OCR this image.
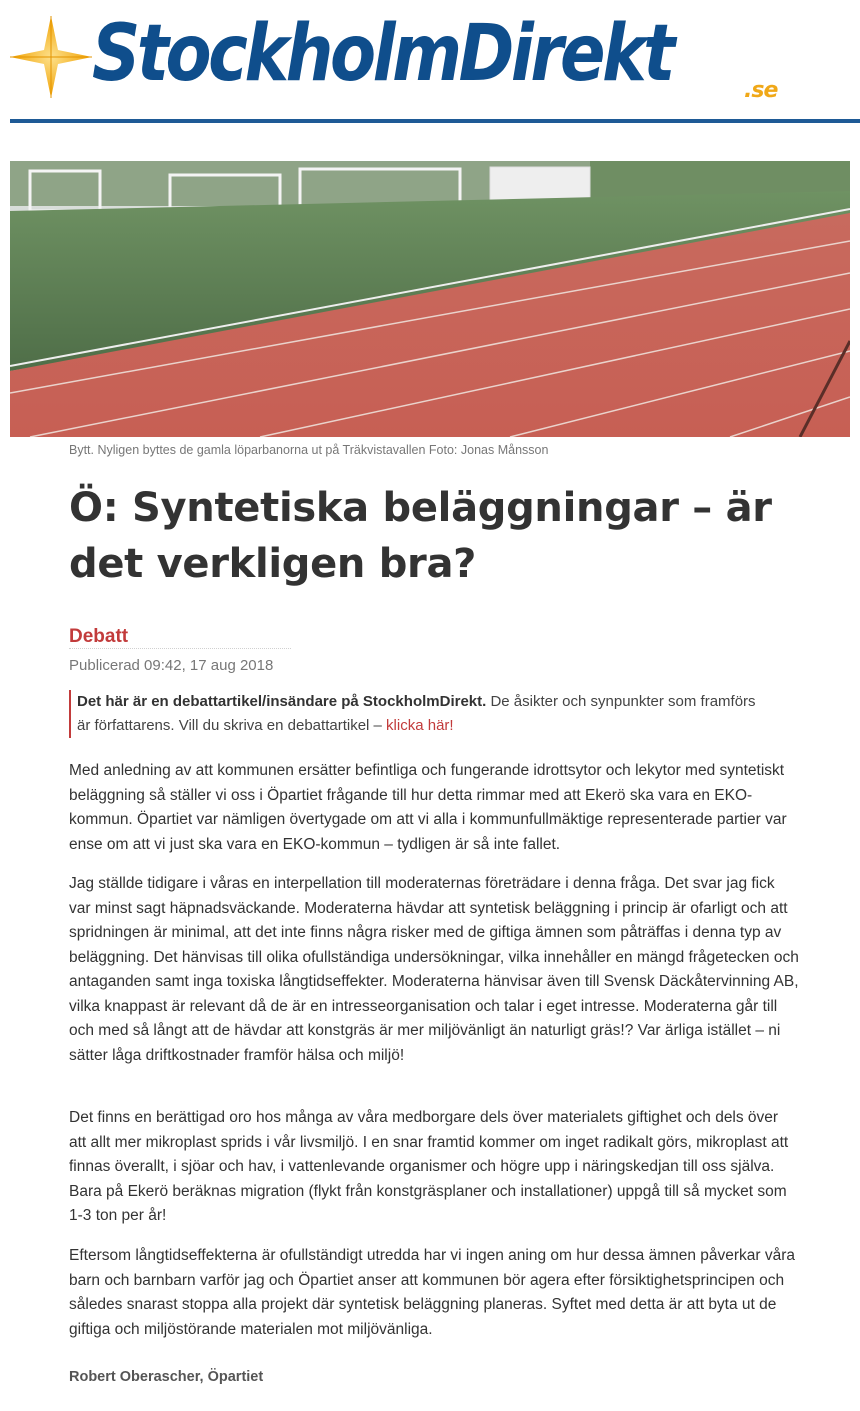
StockholmDirekt	.se
Bytt. Nyligen byttes de gamla löparbanorna ut på Träkvistavallen Foto: Jonas Månsson
Ö: Syntetiska beläggningar – är det verkligen bra?
Debatt
Publicerad 09:42, 17 aug 2018
Det här är en debattartikel/insändare på StockholmDirekt. De åsikter och synpunkter som framförs är författarens. Vill du skriva en debattartikel – klicka här!

Med anledning av att kommunen ersätter befintliga och fungerande idrottsytor och lekytor med syntetiskt beläggning så ställer vi oss i Öpartiet frågande till hur detta rimmar med att Ekerö ska vara en EKO-kommun. Öpartiet var nämligen övertygade om att vi alla i kommunfullmäktige representerade partier var ense om att vi just ska vara en EKO-kommun – tydligen är så inte fallet.

Jag ställde tidigare i våras en interpellation till moderaternas företrädare i denna fråga. Det svar jag fick var minst sagt häpnadsväckande. Moderaterna hävdar att syntetisk beläggning i princip är ofarligt och att spridningen är minimal, att det inte finns några risker med de giftiga ämnen som påträffas i denna typ av beläggning. Det hänvisas till olika ofullständiga undersökningar, vilka innehåller en mängd frågetecken och antaganden samt inga toxiska långtidseffekter. Moderaterna hänvisar även till Svensk Däckåtervinning AB, vilka knappast är relevant då de är en intresseorganisation och talar i eget intresse. Moderaterna går till och med så långt att de hävdar att konstgräs är mer miljövänligt än naturligt gräs!? Var ärliga istället – ni sätter låga driftkostnader framför hälsa och miljö!

Det finns en berättigad oro hos många av våra medborgare dels över materialets giftighet och dels över att allt mer mikroplast sprids i vår livsmiljö. I en snar framtid kommer om inget radikalt görs, mikroplast att finnas överallt, i sjöar och hav, i vattenlevande organismer och högre upp i näringskedjan till oss själva. Bara på Ekerö beräknas migration (flykt från konstgräsplaner och installationer) uppgå till så mycket som 1-3 ton per år!

Eftersom långtidseffekterna är ofullständigt utredda har vi ingen aning om hur dessa ämnen påverkar våra barn och barnbarn varför jag och Öpartiet anser att kommunen bör agera efter försiktighetsprincipen och således snarast stoppa alla projekt där syntetisk beläggning planeras. Syftet med detta är att byta ut de giftiga och miljöstörande materialen mot miljövänliga.

Robert Oberascher, Öpartiet
